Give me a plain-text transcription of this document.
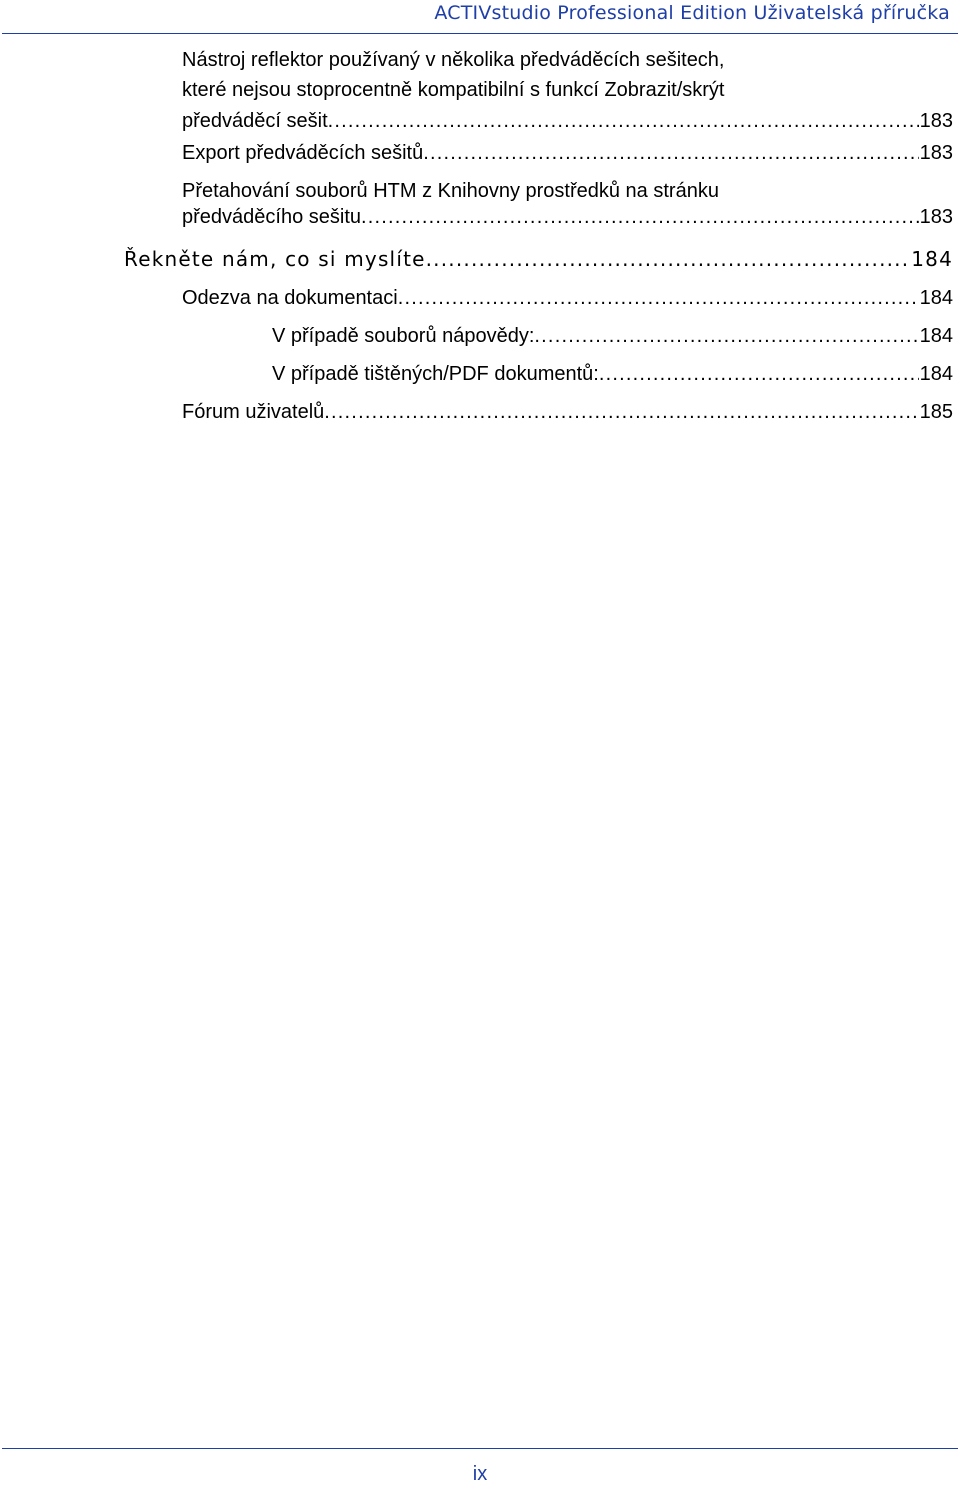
ACTIVstudio Professional Edition Uživatelská příručka
Nástroj reflektor používaný v několika předváděcích sešitech,
které nejsou stoprocentně kompatibilní s funkcí Zobrazit/skrýt
předváděcí sešit .....	183
Export předváděcích sešitů .....	183
Přetahování souborů HTM z Knihovny prostředků na stránku
předváděcího sešitu .....	183
Řekněte nám, co si myslíte .....	184
Odezva na dokumentaci .....	184
V případě souborů nápovědy: .....	184
V případě tištěných/PDF dokumentů: .....	184
Fórum uživatelů .....	185
ix
